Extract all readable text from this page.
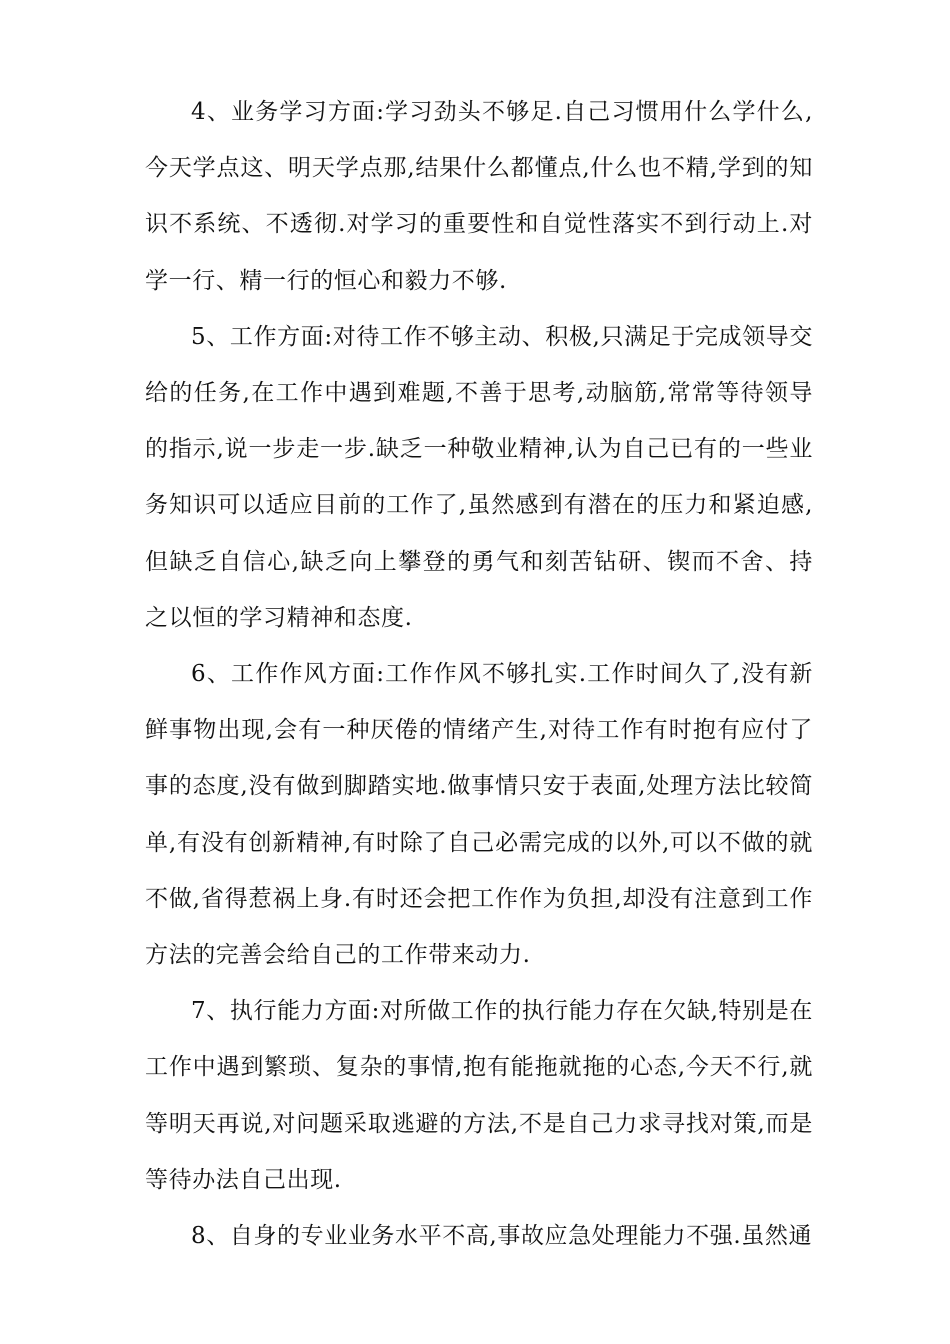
4、业务学习方面:学习劲头不够足.自己习惯用什么学什么,今天学点这、明天学点那,结果什么都懂点,什么也不精,学到的知识不系统、不透彻.对学习的重要性和自觉性落实不到行动上.对学一行、精一行的恒心和毅力不够.

5、工作方面:对待工作不够主动、积极,只满足于完成领导交给的任务,在工作中遇到难题,不善于思考,动脑筋,常常等待领导的指示,说一步走一步.缺乏一种敬业精神,认为自己已有的一些业务知识可以适应目前的工作了,虽然感到有潜在的压力和紧迫感,但缺乏自信心,缺乏向上攀登的勇气和刻苦钻研、锲而不舍、持之以恒的学习精神和态度.

6、工作作风方面:工作作风不够扎实.工作时间久了,没有新鲜事物出现,会有一种厌倦的情绪产生,对待工作有时抱有应付了事的态度,没有做到脚踏实地.做事情只安于表面,处理方法比较简单,有没有创新精神,有时除了自己必需完成的以外,可以不做的就不做,省得惹祸上身.有时还会把工作作为负担,却没有注意到工作方法的完善会给自己的工作带来动力.

7、执行能力方面:对所做工作的执行能力存在欠缺,特别是在工作中遇到繁琐、复杂的事情,抱有能拖就拖的心态,今天不行,就等明天再说,对问题采取逃避的方法,不是自己力求寻找对策,而是等待办法自己出现.

8、自身的专业业务水平不高,事故应急处理能力不强.虽然通
